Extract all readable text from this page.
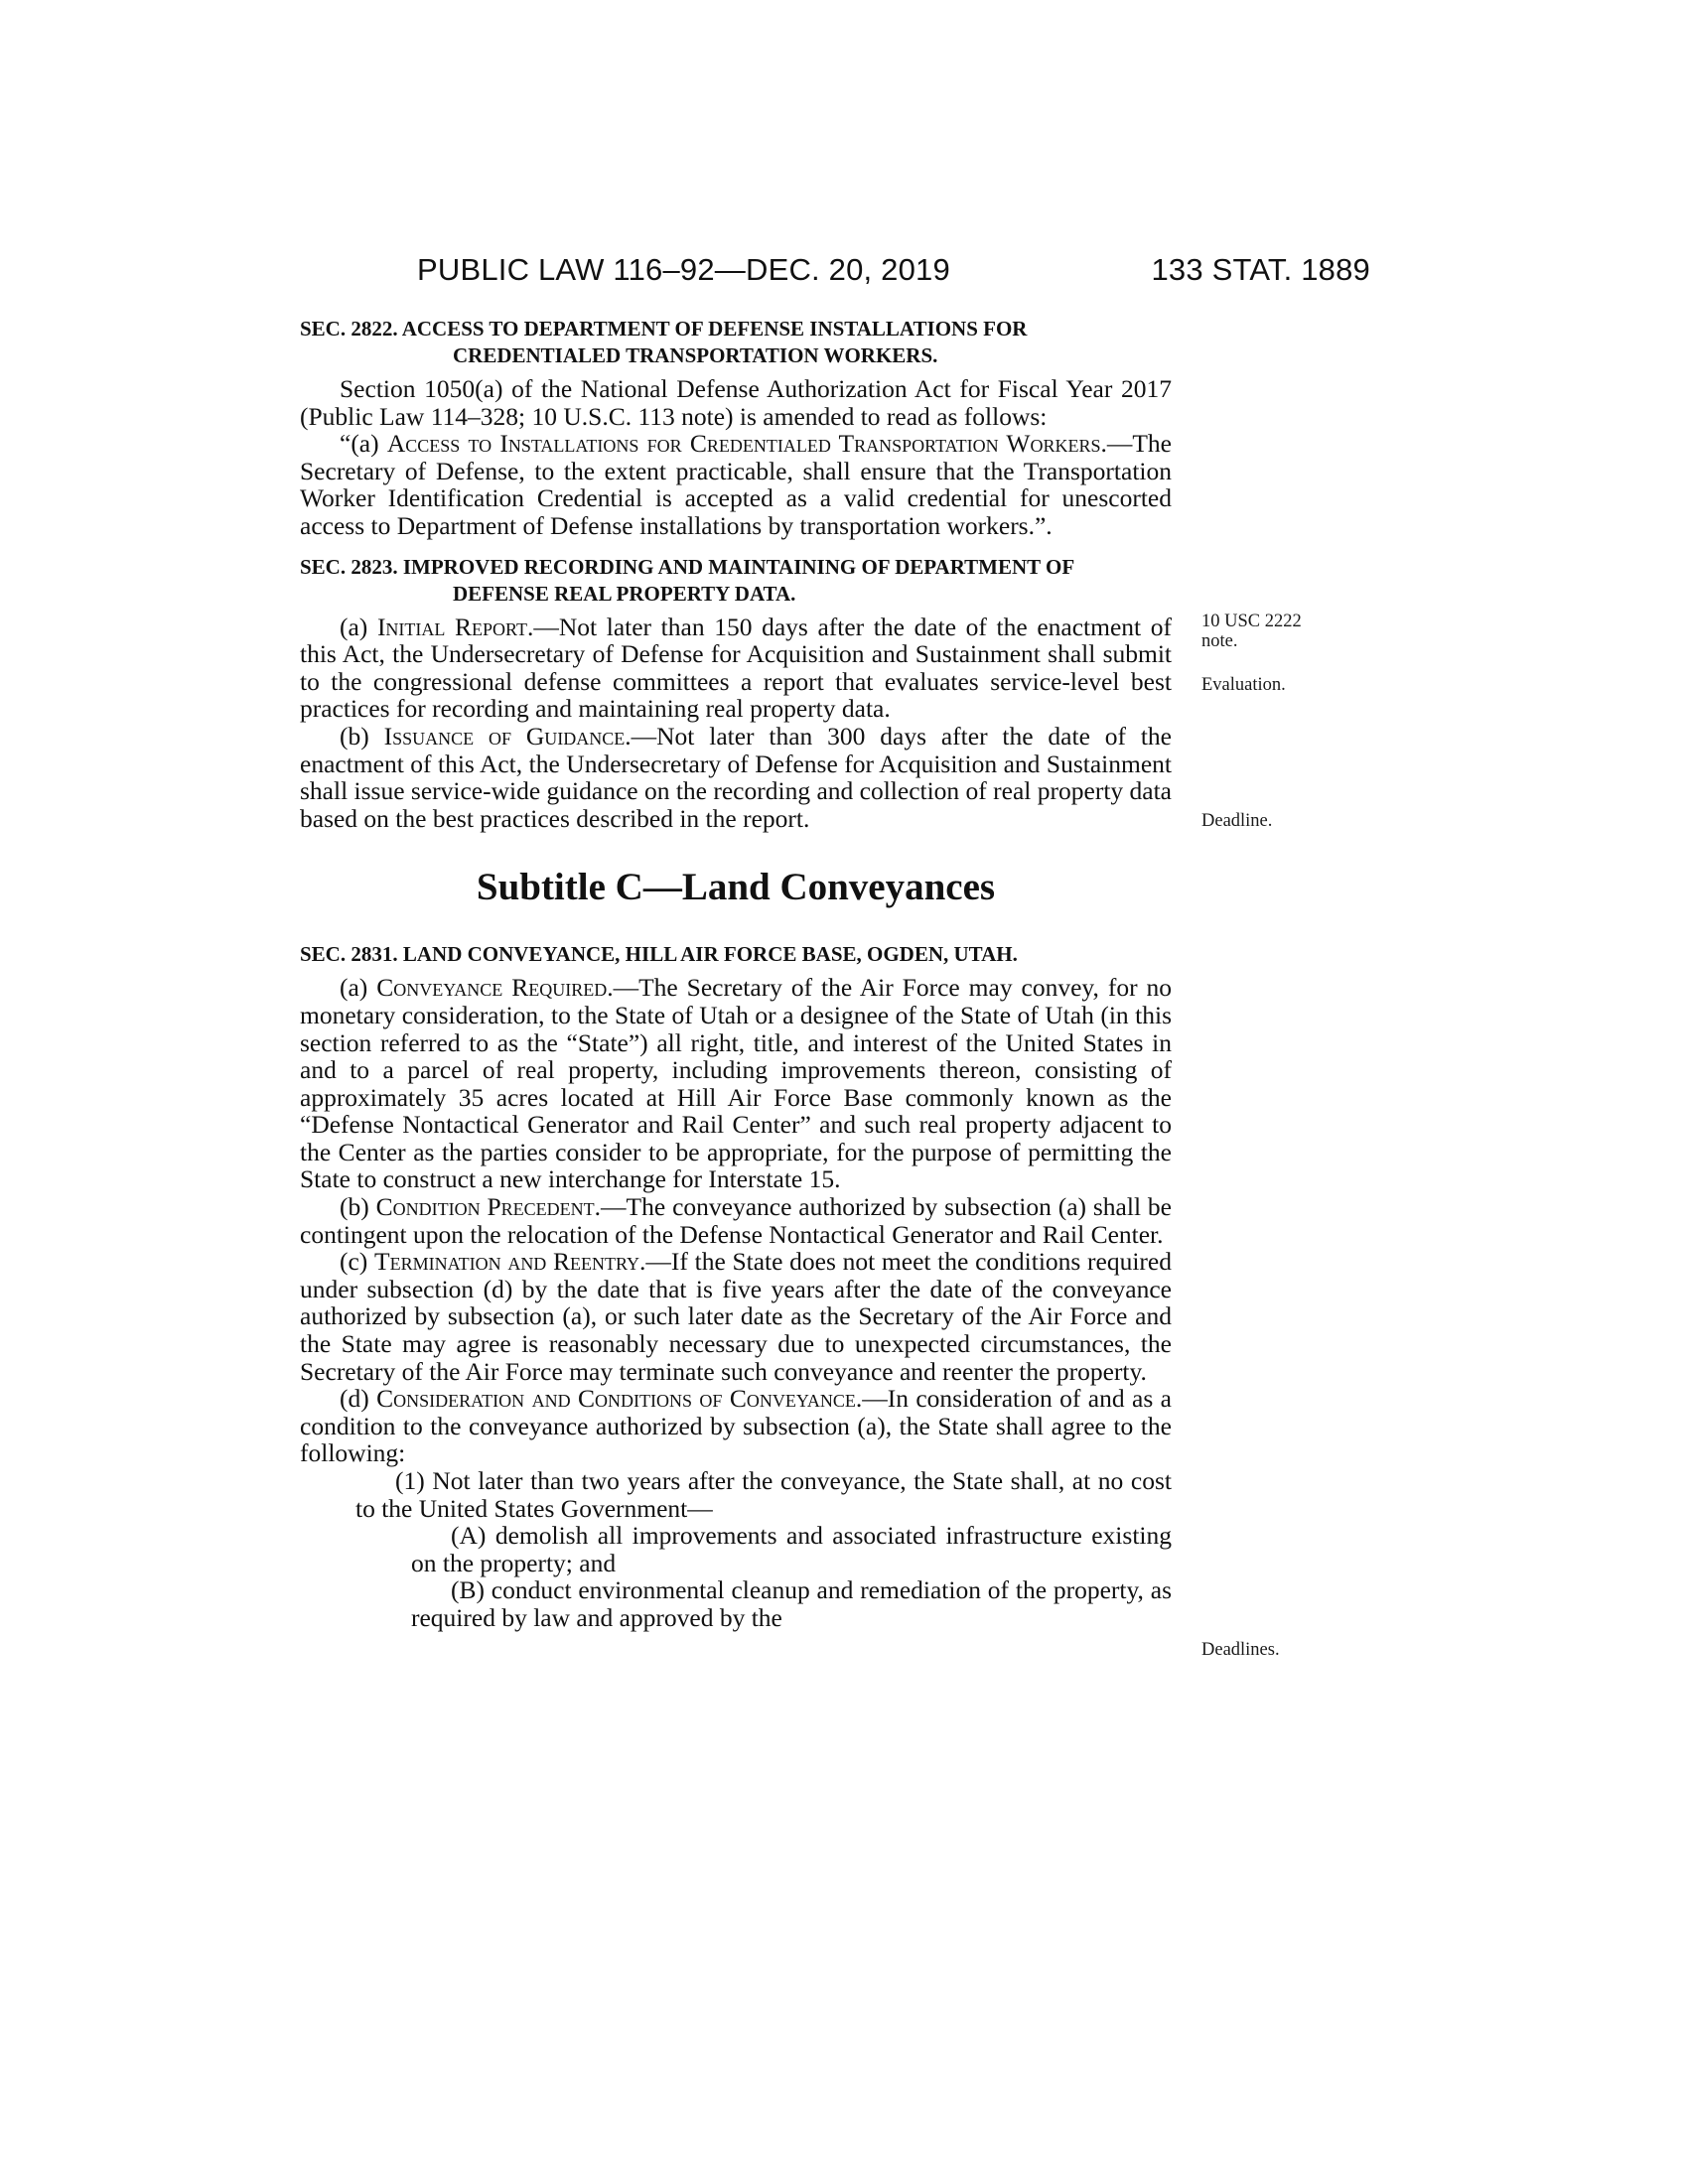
PUBLIC LAW 116–92—DEC. 20, 2019	133 STAT. 1889
10 USC 2222 note.
Evaluation.
Deadline.
Deadlines.
SEC. 2822. ACCESS TO DEPARTMENT OF DEFENSE INSTALLATIONS FOR CREDENTIALED TRANSPORTATION WORKERS.

Section 1050(a) of the National Defense Authorization Act for Fiscal Year 2017 (Public Law 114–328; 10 U.S.C. 113 note) is amended to read as follows:

“(a) Access to Installations for Credentialed Transportation Workers.—The Secretary of Defense, to the extent practicable, shall ensure that the Transportation Worker Identification Credential is accepted as a valid credential for unescorted access to Department of Defense installations by transportation workers.”.

SEC. 2823. IMPROVED RECORDING AND MAINTAINING OF DEPARTMENT OF DEFENSE REAL PROPERTY DATA.

(a) Initial Report.—Not later than 150 days after the date of the enactment of this Act, the Undersecretary of Defense for Acquisition and Sustainment shall submit to the congressional defense committees a report that evaluates service-level best practices for recording and maintaining real property data.

(b) Issuance of Guidance.—Not later than 300 days after the date of the enactment of this Act, the Undersecretary of Defense for Acquisition and Sustainment shall issue service-wide guidance on the recording and collection of real property data based on the best practices described in the report.

Subtitle C—Land Conveyances
SEC. 2831. LAND CONVEYANCE, HILL AIR FORCE BASE, OGDEN, UTAH.

(a) Conveyance Required.—The Secretary of the Air Force may convey, for no monetary consideration, to the State of Utah or a designee of the State of Utah (in this section referred to as the “State”) all right, title, and interest of the United States in and to a parcel of real property, including improvements thereon, consisting of approximately 35 acres located at Hill Air Force Base commonly known as the “Defense Nontactical Generator and Rail Center” and such real property adjacent to the Center as the parties consider to be appropriate, for the purpose of permitting the State to construct a new interchange for Interstate 15.

(b) Condition Precedent.—The conveyance authorized by subsection (a) shall be contingent upon the relocation of the Defense Nontactical Generator and Rail Center.

(c) Termination and Reentry.—If the State does not meet the conditions required under subsection (d) by the date that is five years after the date of the conveyance authorized by subsection (a), or such later date as the Secretary of the Air Force and the State may agree is reasonably necessary due to unexpected circumstances, the Secretary of the Air Force may terminate such conveyance and reenter the property.

(d) Consideration and Conditions of Conveyance.—In consideration of and as a condition to the conveyance authorized by subsection (a), the State shall agree to the following:

(1) Not later than two years after the conveyance, the State shall, at no cost to the United States Government—

(A) demolish all improvements and associated infrastructure existing on the property; and

(B) conduct environmental cleanup and remediation of the property, as required by law and approved by the
